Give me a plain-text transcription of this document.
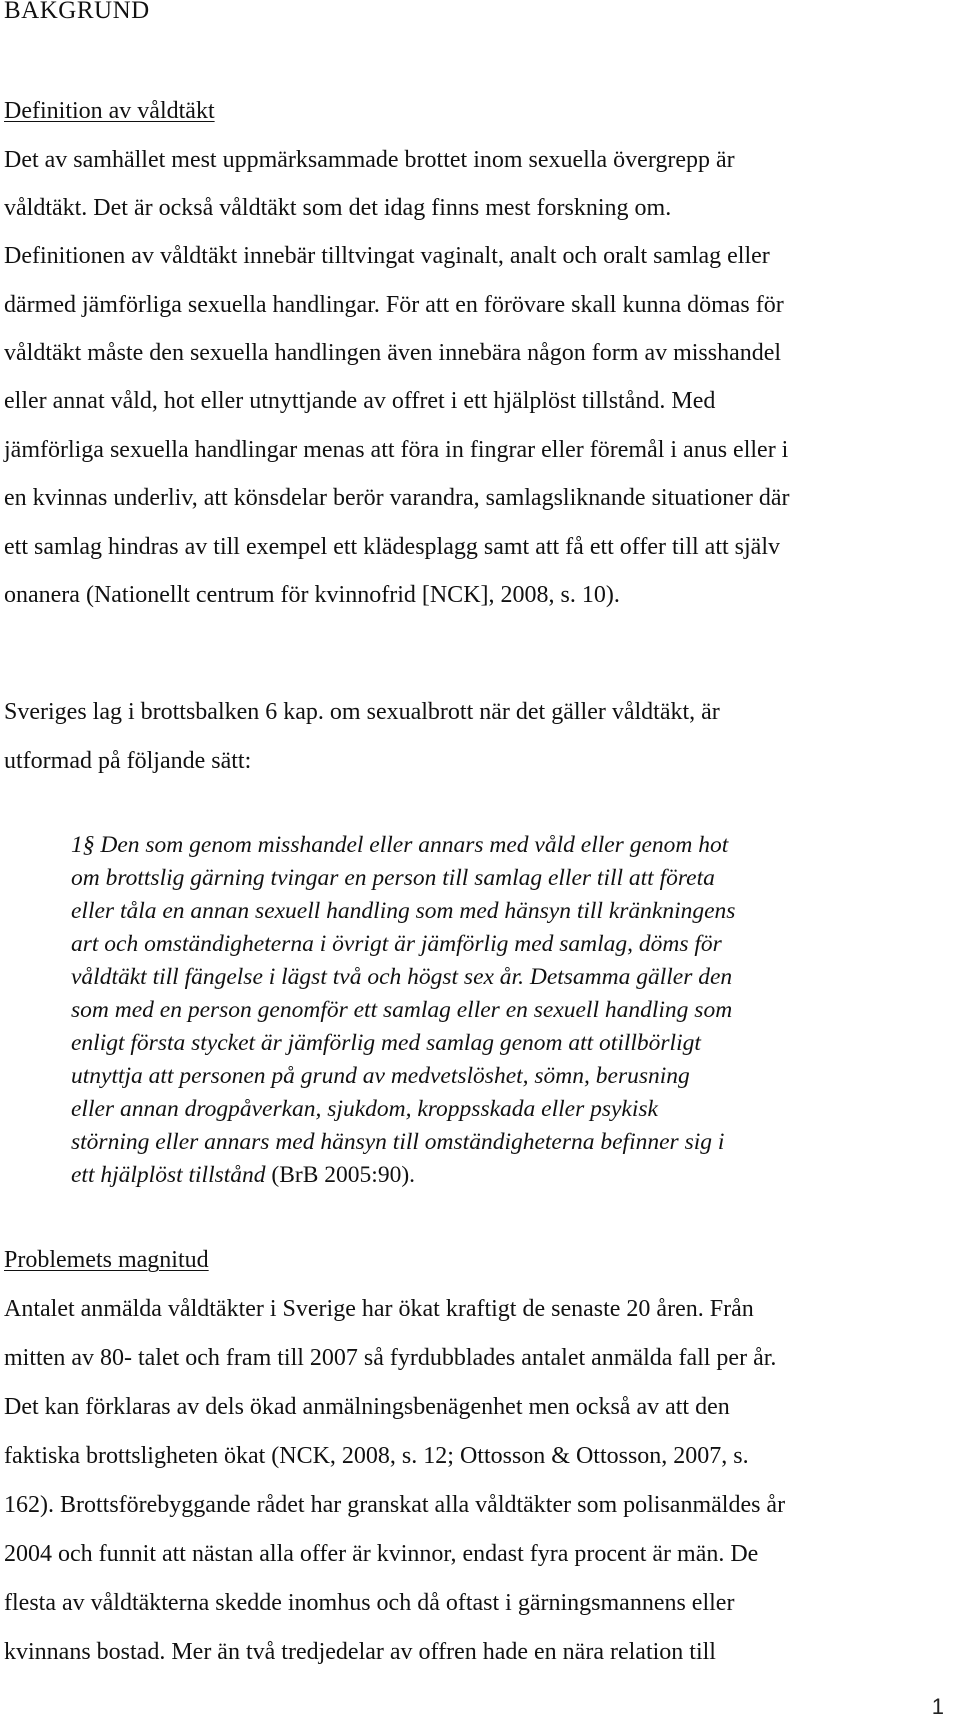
BAKGRUND

Definition av våldtäkt

Det av samhället mest uppmärksammade brottet inom sexuella övergrepp är

våldtäkt. Det är också våldtäkt som det idag finns mest forskning om.

Definitionen av våldtäkt innebär tilltvingat vaginalt, analt och oralt samlag eller

därmed jämförliga sexuella handlingar. För att en förövare skall kunna dömas för

våldtäkt måste den sexuella handlingen även innebära någon form av misshandel

eller annat våld, hot eller utnyttjande av offret i ett hjälplöst tillstånd. Med

jämförliga sexuella handlingar menas att föra in fingrar eller föremål i anus eller i

en kvinnas underliv, att könsdelar berör varandra, samlagsliknande situationer där

ett samlag hindras av till exempel ett klädesplagg samt att få ett offer till att själv

onanera (Nationellt centrum för kvinnofrid [NCK], 2008, s. 10).

Sveriges lag i brottsbalken 6 kap. om sexualbrott när det gäller våldtäkt, är

utformad på följande sätt:

1§ Den som genom misshandel eller annars med våld eller genom hot

om brottslig gärning tvingar en person till samlag eller till att företa

eller tåla en annan sexuell handling som med hänsyn till kränkningens

art och omständigheterna i övrigt är jämförlig med samlag, döms för

våldtäkt till fängelse i lägst två och högst sex år. Detsamma gäller den

som med en person genomför ett samlag eller en sexuell handling som

enligt första stycket är jämförlig med samlag genom att otillbörligt

utnyttja att personen på grund av medvetslöshet, sömn, berusning

eller annan drogpåverkan, sjukdom, kroppsskada eller psykisk

störning eller annars med hänsyn till omständigheterna befinner sig i

ett hjälplöst tillstånd (BrB 2005:90).

Problemets magnitud

Antalet anmälda våldtäkter i Sverige har ökat kraftigt de senaste 20 åren. Från

mitten av 80- talet och fram till 2007 så fyrdubblades antalet anmälda fall per år.

Det kan förklaras av dels ökad anmälningsbenägenhet men också av att den

faktiska brottsligheten ökat (NCK, 2008, s. 12; Ottosson & Ottosson, 2007, s.

162). Brottsförebyggande rådet har granskat alla våldtäkter som polisanmäldes år

2004 och funnit att nästan alla offer är kvinnor, endast fyra procent är män. De

flesta av våldtäkterna skedde inomhus och då oftast i gärningsmannens eller

kvinnans bostad. Mer än två tredjedelar av offren hade en nära relation till

1
